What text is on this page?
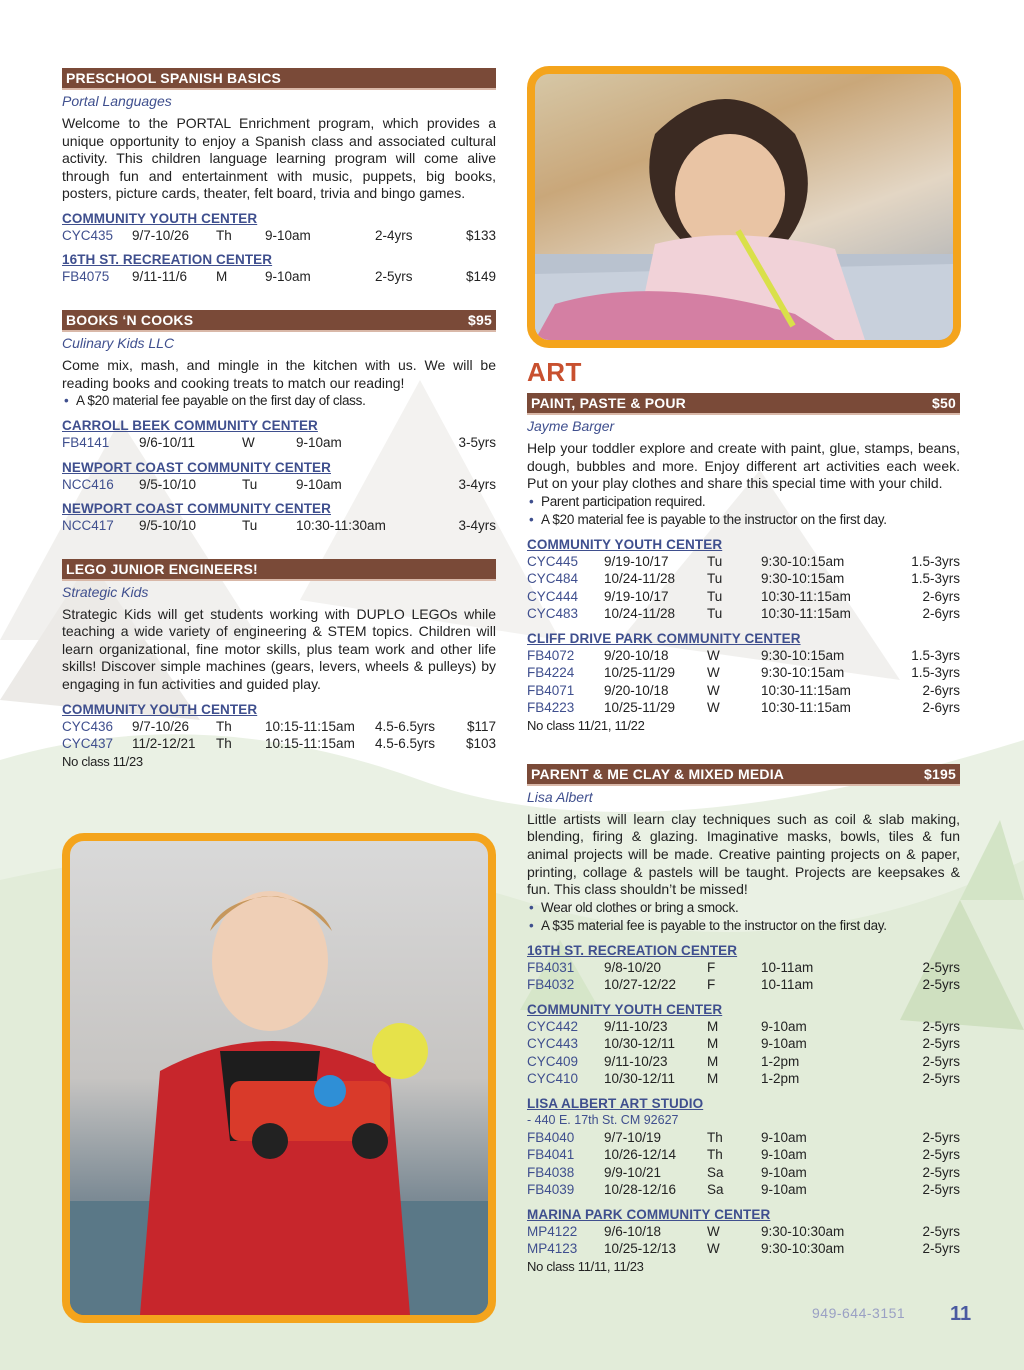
PRESCHOOL SPANISH BASICS
Portal Languages
Welcome to the PORTAL Enrichment program, which provides a unique opportunity to enjoy a Spanish class and associated cultural activity. This children language learning program will come alive through fun and entertainment with music, puppets, big books, posters, picture cards, theater, felt board, trivia and bingo games.
COMMUNITY YOUTH CENTER
CYC435	9/7-10/26	Th	9-10am	2-4yrs	$133
16TH ST. RECREATION CENTER
FB4075	9/11-11/6	M	9-10am	2-5yrs	$149
BOOKS ‘N COOKS	$95
Culinary Kids LLC
Come mix, mash, and mingle in the kitchen with us. We will be reading books and cooking treats to match our reading!
• A $20 material fee payable on the first day of class.
CARROLL BEEK COMMUNITY CENTER
FB4141	9/6-10/11	W	9-10am	3-5yrs
NEWPORT COAST COMMUNITY CENTER
NCC416	9/5-10/10	Tu	9-10am	3-4yrs
NEWPORT COAST COMMUNITY CENTER
NCC417	9/5-10/10	Tu	10:30-11:30am	3-4yrs
LEGO JUNIOR ENGINEERS!
Strategic Kids
Strategic Kids will get students working with DUPLO LEGOs while teaching a wide variety of engineering & STEM topics. Children will learn organizational, fine motor skills, plus team work and other life skills! Discover simple machines (gears, levers, wheels & pulleys) by engaging in fun activities and guided play.
COMMUNITY YOUTH CENTER
CYC436	9/7-10/26	Th	10:15-11:15am	4.5-6.5yrs	$117
CYC437	11/2-12/21	Th	10:15-11:15am	4.5-6.5yrs	$103
No class 11/23
ART
PAINT, PASTE & POUR	$50
Jayme Barger
Help your toddler explore and create with paint, glue, stamps, beans, dough, bubbles and more. Enjoy different art activities each week. Put on your play clothes and share this special time with your child.
• Parent participation required.
• A $20 material fee is payable to the instructor on the first day.
COMMUNITY YOUTH CENTER
CYC445	9/19-10/17	Tu	9:30-10:15am	1.5-3yrs
CYC484	10/24-11/28	Tu	9:30-10:15am	1.5-3yrs
CYC444	9/19-10/17	Tu	10:30-11:15am	2-6yrs
CYC483	10/24-11/28	Tu	10:30-11:15am	2-6yrs
CLIFF DRIVE PARK COMMUNITY CENTER
FB4072	9/20-10/18	W	9:30-10:15am	1.5-3yrs
FB4224	10/25-11/29	W	9:30-10:15am	1.5-3yrs
FB4071	9/20-10/18	W	10:30-11:15am	2-6yrs
FB4223	10/25-11/29	W	10:30-11:15am	2-6yrs
No class 11/21, 11/22
PARENT & ME CLAY & MIXED MEDIA	$195
Lisa Albert
Little artists will learn clay techniques such as coil & slab making, blending, firing & glazing. Imaginative masks, bowls, tiles & fun animal projects will be made. Creative painting projects on & paper, printing, collage & pastels will be taught. Projects are keepsakes & fun. This class shouldn’t be missed!
• Wear old clothes or bring a smock.
• A $35 material fee is payable to the instructor on the first day.
16TH ST. RECREATION CENTER
FB4031	9/8-10/20	F	10-11am	2-5yrs
FB4032	10/27-12/22	F	10-11am	2-5yrs
COMMUNITY YOUTH CENTER
CYC442	9/11-10/23	M	9-10am	2-5yrs
CYC443	10/30-12/11	M	9-10am	2-5yrs
CYC409	9/11-10/23	M	1-2pm	2-5yrs
CYC410	10/30-12/11	M	1-2pm	2-5yrs
LISA ALBERT ART STUDIO
- 440 E. 17th St. CM 92627
FB4040	9/7-10/19	Th	9-10am	2-5yrs
FB4041	10/26-12/14	Th	9-10am	2-5yrs
FB4038	9/9-10/21	Sa	9-10am	2-5yrs
FB4039	10/28-12/16	Sa	9-10am	2-5yrs
MARINA PARK COMMUNITY CENTER
MP4122	9/6-10/18	W	9:30-10:30am	2-5yrs
MP4123	10/25-12/13	W	9:30-10:30am	2-5yrs
No class 11/11, 11/23
949-644-3151 11
